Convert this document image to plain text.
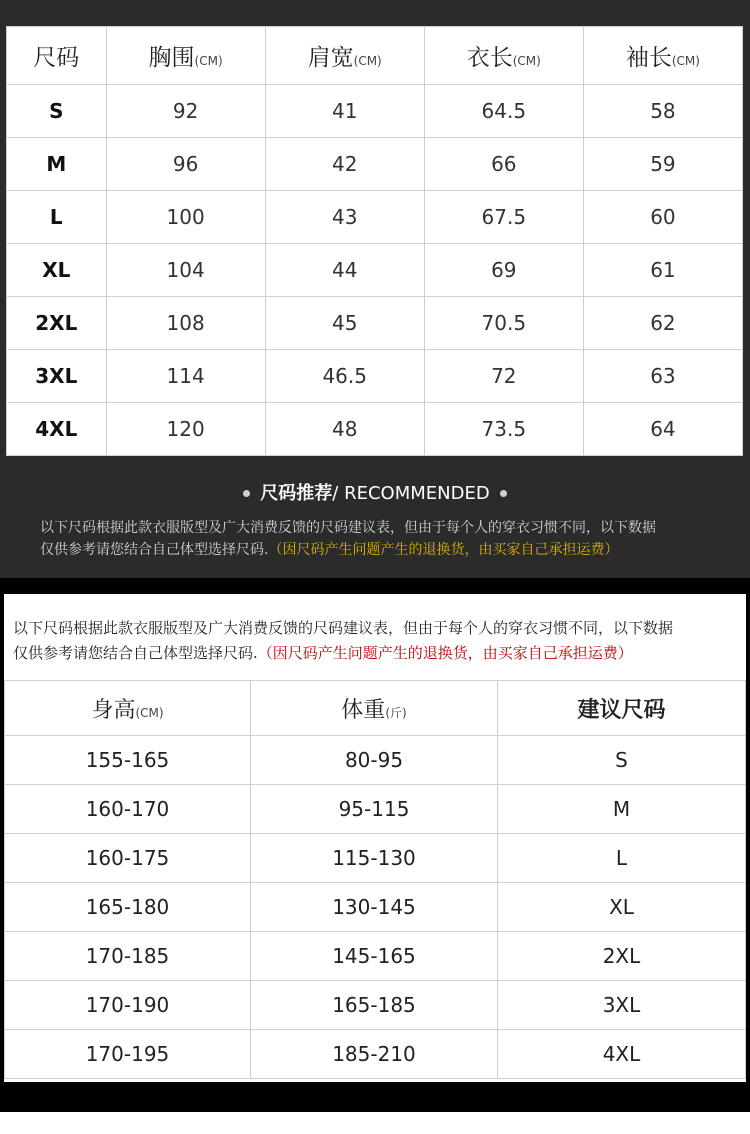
尺码	胸围(CM)	肩宽(CM)	衣长(CM)	袖长(CM)
S	92	41	64.5	58
M	96	42	66	59
L	100	43	67.5	60
XL	104	44	69	61
2XL	108	45	70.5	62
3XL	114	46.5	72	63
4XL	120	48	73.5	64
尺码推荐/ RECOMMENDED
以下尺码根据此款衣服版型及广大消费反馈的尺码建议表，但由于每个人的穿衣习惯不同，以下数据
仅供参考请您结合自己体型选择尺码.（因尺码产生问题产生的退换货，由买家自己承担运费）
以下尺码根据此款衣服版型及广大消费反馈的尺码建议表，但由于每个人的穿衣习惯不同，以下数据
仅供参考请您结合自己体型选择尺码.（因尺码产生问题产生的退换货，由买家自己承担运费）
身高(CM)	体重(斤)	建议尺码
155-165	80-95	S
160-170	95-115	M
160-175	115-130	L
165-180	130-145	XL
170-185	145-165	2XL
170-190	165-185	3XL
170-195	185-210	4XL
